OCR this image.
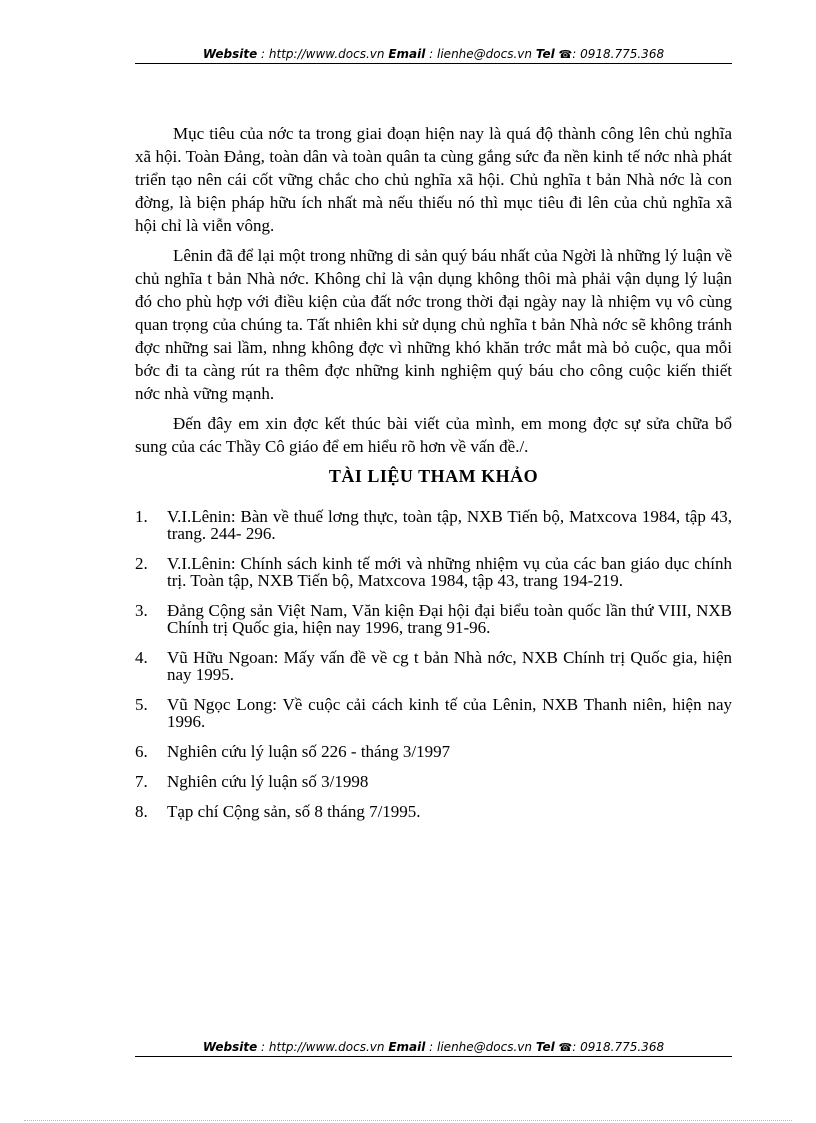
Website : http://www.docs.vn Email : lienhe@docs.vn Tel ☎: 0918.775.368

Mục tiêu của nớc ta trong giai đoạn hiện nay là quá độ thành công lên chủ nghĩa xã hội. Toàn Đảng, toàn dân và toàn quân ta cùng gắng sức đa nền kinh tế nớc nhà phát triển tạo nên cái cốt vững chắc cho chủ nghĩa xã hội. Chủ nghĩa t bản Nhà nớc là con đờng, là biện pháp hữu ích nhất mà nếu thiếu nó thì mục tiêu đi lên của chủ nghĩa xã hội chỉ là viễn vông.

Lênin đã để lại một trong những di sản quý báu nhất của Ngời là những lý luận về chủ nghĩa t bản Nhà nớc. Không chỉ là vận dụng không thôi mà phải vận dụng lý luận đó cho phù hợp với điều kiện của đất nớc trong thời đại ngày nay là nhiệm vụ vô cùng quan trọng của chúng ta. Tất nhiên khi sử dụng chủ nghĩa t bản Nhà nớc sẽ không tránh đợc những sai lầm, nhng không đợc vì những khó khăn trớc mắt mà bỏ cuộc, qua mỗi bớc đi ta càng rút ra thêm đợc những kinh nghiệm quý báu cho công cuộc kiến thiết nớc nhà vững mạnh.

Đến đây em xin đợc kết thúc bài viết của mình, em mong đợc sự sửa chữa bổ sung của các Thầy Cô giáo để em hiểu rõ hơn về vấn đề./.

TÀI LIỆU THAM KHẢO
1. V.I.Lênin: Bàn về thuế lơng thực, toàn tập, NXB Tiến bộ, Matxcova 1984, tập 43, trang. 244- 296.
2. V.I.Lênin: Chính sách kinh tế mới và những nhiệm vụ của các ban giáo dục chính trị. Toàn tập, NXB Tiến bộ, Matxcova 1984, tập 43, trang 194-219.
3. Đảng Cộng sản Việt Nam, Văn kiện Đại hội đại biểu toàn quốc lần thứ VIII, NXB Chính trị Quốc gia, hiện nay 1996, trang 91-96.
4. Vũ Hữu Ngoan: Mấy vấn đề về cg t bản Nhà nớc, NXB Chính trị Quốc gia, hiện nay 1995.
5. Vũ Ngọc Long: Về cuộc cải cách kinh tế của Lênin, NXB Thanh niên, hiện nay 1996.
6. Nghiên cứu lý luận số 226 - tháng 3/1997
7. Nghiên cứu lý luận số 3/1998
8. Tạp chí Cộng sản, số 8 tháng 7/1995.
Website : http://www.docs.vn Email : lienhe@docs.vn Tel ☎: 0918.775.368
